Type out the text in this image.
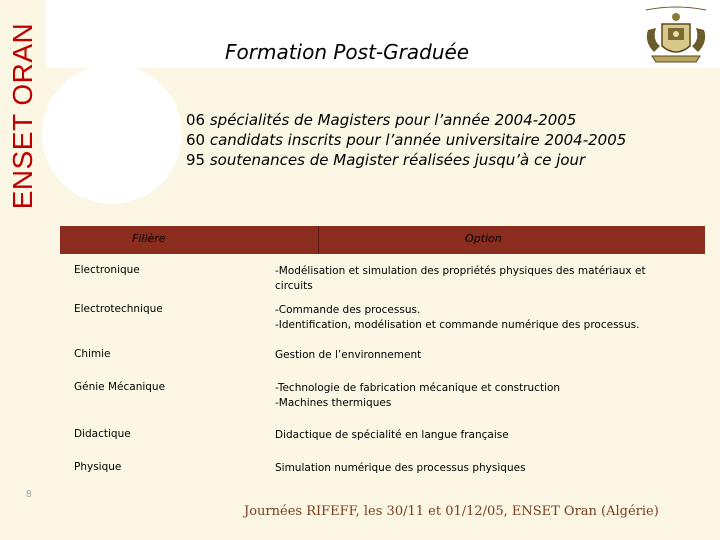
ENSET ORAN
8
Formation Post-Graduée
06 spécialités de Magisters pour l’année 2004-2005
60 candidats inscrits pour l’année universitaire 2004-2005
95 soutenances de Magister réalisées jusqu’à ce jour
Filière	Option
Electronique	-Modélisation et simulation des propriétés physiques des matériaux et
circuits
Electrotechnique	-Commande des processus.
-Identification, modélisation et commande numérique des processus.
Chimie	Gestion de l’environnement
Génie Mécanique	-Technologie de fabrication mécanique et construction
-Machines thermiques
Didactique	Didactique de spécialité en langue française
Physique	Simulation numérique des processus physiques
Journées RIFEFF, les 30/11 et 01/12/05, ENSET Oran (Algérie)
